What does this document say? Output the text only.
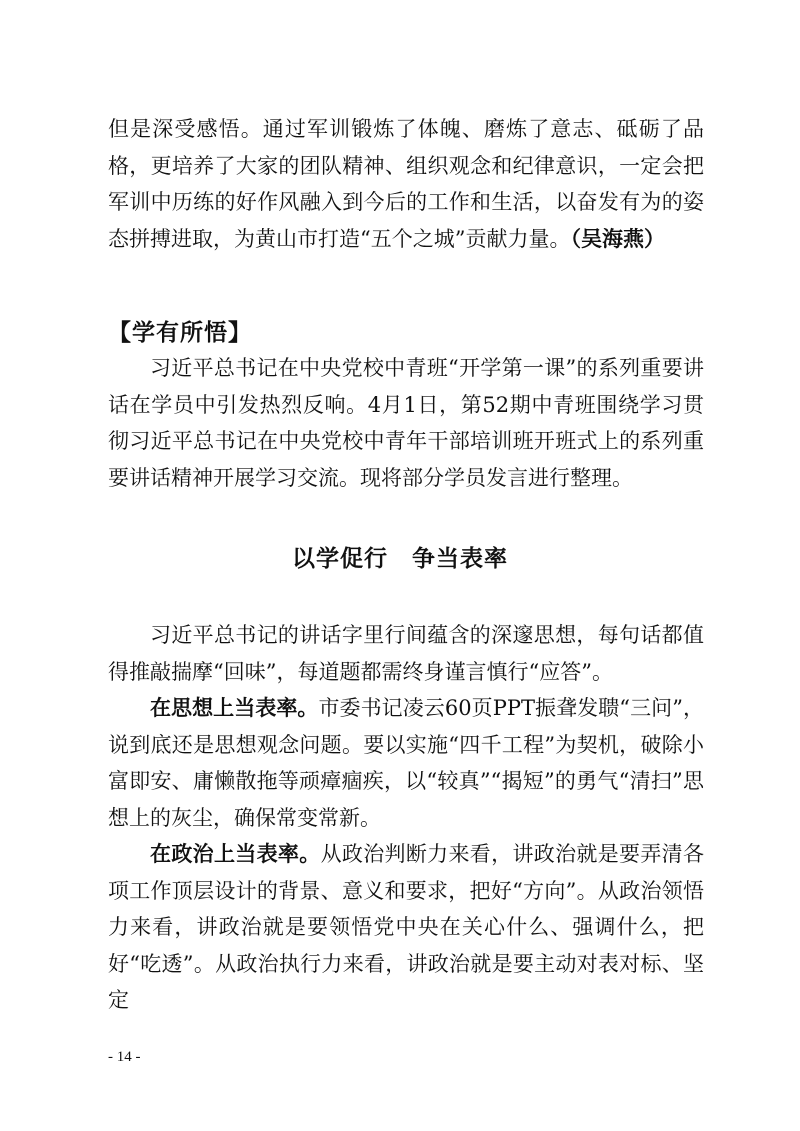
但是深受感悟。通过军训锻炼了体魄、磨炼了意志、砥砺了品格，更培养了大家的团队精神、组织观念和纪律意识，一定会把军训中历练的好作风融入到今后的工作和生活，以奋发有为的姿态拼搏进取，为黄山市打造“五个之城”贡献力量。（吴海燕）

【学有所悟】

习近平总书记在中央党校中青班“开学第一课”的系列重要讲话在学员中引发热烈反响。4月1日，第52期中青班围绕学习贯彻习近平总书记在中央党校中青年干部培训班开班式上的系列重要讲话精神开展学习交流。现将部分学员发言进行整理。

以学促行　争当表率

习近平总书记的讲话字里行间蕴含的深邃思想，每句话都值得推敲揣摩“回味”，每道题都需终身谨言慎行“应答”。

在思想上当表率。市委书记凌云60页PPT振聋发聩“三问”，说到底还是思想观念问题。要以实施“四千工程”为契机，破除小富即安、庸懒散拖等顽瘴痼疾，以“较真”“揭短”的勇气“清扫”思想上的灰尘，确保常变常新。

在政治上当表率。从政治判断力来看，讲政治就是要弄清各项工作顶层设计的背景、意义和要求，把好“方向”。从政治领悟力来看，讲政治就是要领悟党中央在关心什么、强调什么，把好“吃透”。从政治执行力来看，讲政治就是要主动对表对标、坚定

- 14 -
